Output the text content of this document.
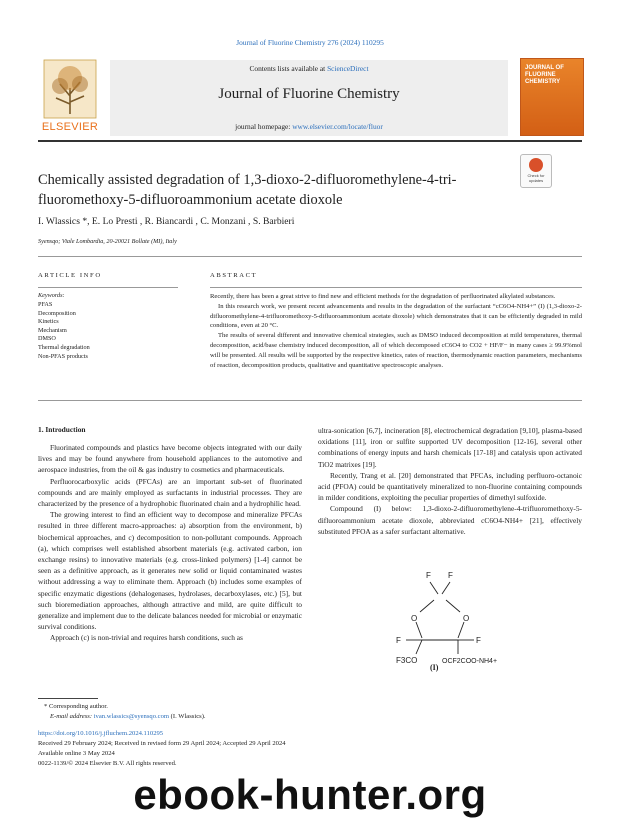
Journal of Fluorine Chemistry 276 (2024) 110295
ELSEVIER
Contents lists available at ScienceDirect
Journal of Fluorine Chemistry
journal homepage: www.elsevier.com/locate/fluor
JOURNAL OF FLUORINE CHEMISTRY
Chemically assisted degradation of 1,3-dioxo-2-difluoromethylene-4-tri-fluoromethoxy-5-difluoroammonium acetate dioxole
Check for updates
I. Wlassics *, E. Lo Presti , R. Biancardi , C. Monzani , S. Barbieri
Syensqo; Viale Lombardia, 20-20021 Bollate (MI), Italy
ARTICLE INFO
Keywords:
PFAS
Decomposition
Kinetics
Mechanism
DMSO
Thermal degradation
Non-PFAS products
ABSTRACT

Recently, there has been a great strive to find new and efficient methods for the degradation of perfluorinated alkylated substances.

In this research work, we present recent advancements and results in the degradation of the surfactant “cC6O4-NH4+” (I) (1,3-dioxo-2-difluoromethylene-4-trifluoromethoxy-5-difluoroammonium acetate dioxole) which demonstrates that it can be efficiently degraded in mild conditions, even at 20 °C.

The results of several different and innovative chemical strategies, such as DMSO induced decomposition at mild temperatures, thermal decomposition, acid/base chemistry induced decomposition, all of which decomposed cC6O4 to CO2 + HF/F− in many cases ≥ 99.9%mol will be presented. All results will be supported by the respective kinetics, rates of reaction, thermodynamic reaction parameters, mechanisms of reaction, decomposition products, qualitative and quantitative spectroscopic analyses.

1. Introduction

Fluorinated compounds and plastics have become objects integrated with our daily lives and may be found anywhere from household appliances to the automotive and aerospace industries, from the oil & gas industry to cosmetics and pharmaceuticals.

Perfluorocarboxylic acids (PFCAs) are an important sub-set of fluorinated compounds and are mainly employed as surfactants in industrial processes. They are characterized by the presence of a hydrophobic fluorinated chain and a hydrophilic head.

The growing interest to find an efficient way to decompose and mineralize PFCAs resulted in three different macro-approaches: a) absorption from the environment, b) biochemical approaches, and c) decomposition to non-pollutant compounds. Approach (a), which comprises well established absorbent materials (e.g. activated carbon, ion exchange resins) to innovative materials (e.g. cross-linked polymers) [1-4] cannot be seen as a definitive approach, as it generates new solid or liquid contaminated wastes without addressing a way to eliminate them. Approach (b) includes some examples of specific enzymatic digestions (dehalogenases, hydrolases, decarboxylases, etc.) [5], but such bioremediation approaches, although attractive and mild, are quite difficult to generalize and implement due to the delicate balances needed for microbial or enzymatic survival conditions.

Approach (c) is non-trivial and requires harsh conditions, such as

ultra-sonication [6,7], incineration [8], electrochemical degradation [9,10], plasma-based oxidations [11], iron or sulfite supported UV decomposition [12-16], several other combinations of energy inputs and harsh chemicals [17-18] and catalysis upon activated TiO2 matrixes [19].

Recently, Trang et al. [20] demonstrated that PFCAs, including perfluoro-octanoic acid (PFOA) could be quantitatively mineralized to non-fluorine containing compounds in milder conditions, exploiting the peculiar properties of dimethyl sulfoxide.

Compound (I) below: 1,3-dioxo-2-difluoromethylene-4-trifluoromethoxy-5-difluoroammonium acetate dioxole, abbreviated cC6O4-NH4+ [21], effectively substituted PFOA as a safer surfactant alternative.

F F
O	O
F	F
F3CO	OCF2COO-NH4+
(I)
* Corresponding author.
E-mail address: ivan.wlassics@syensqo.com (I. Wlassics).
https://doi.org/10.1016/j.jfluchem.2024.110295
Received 29 February 2024; Received in revised form 29 April 2024; Accepted 29 April 2024
Available online 3 May 2024
0022-1139/© 2024 Elsevier B.V. All rights reserved.
ebook-hunter.org
